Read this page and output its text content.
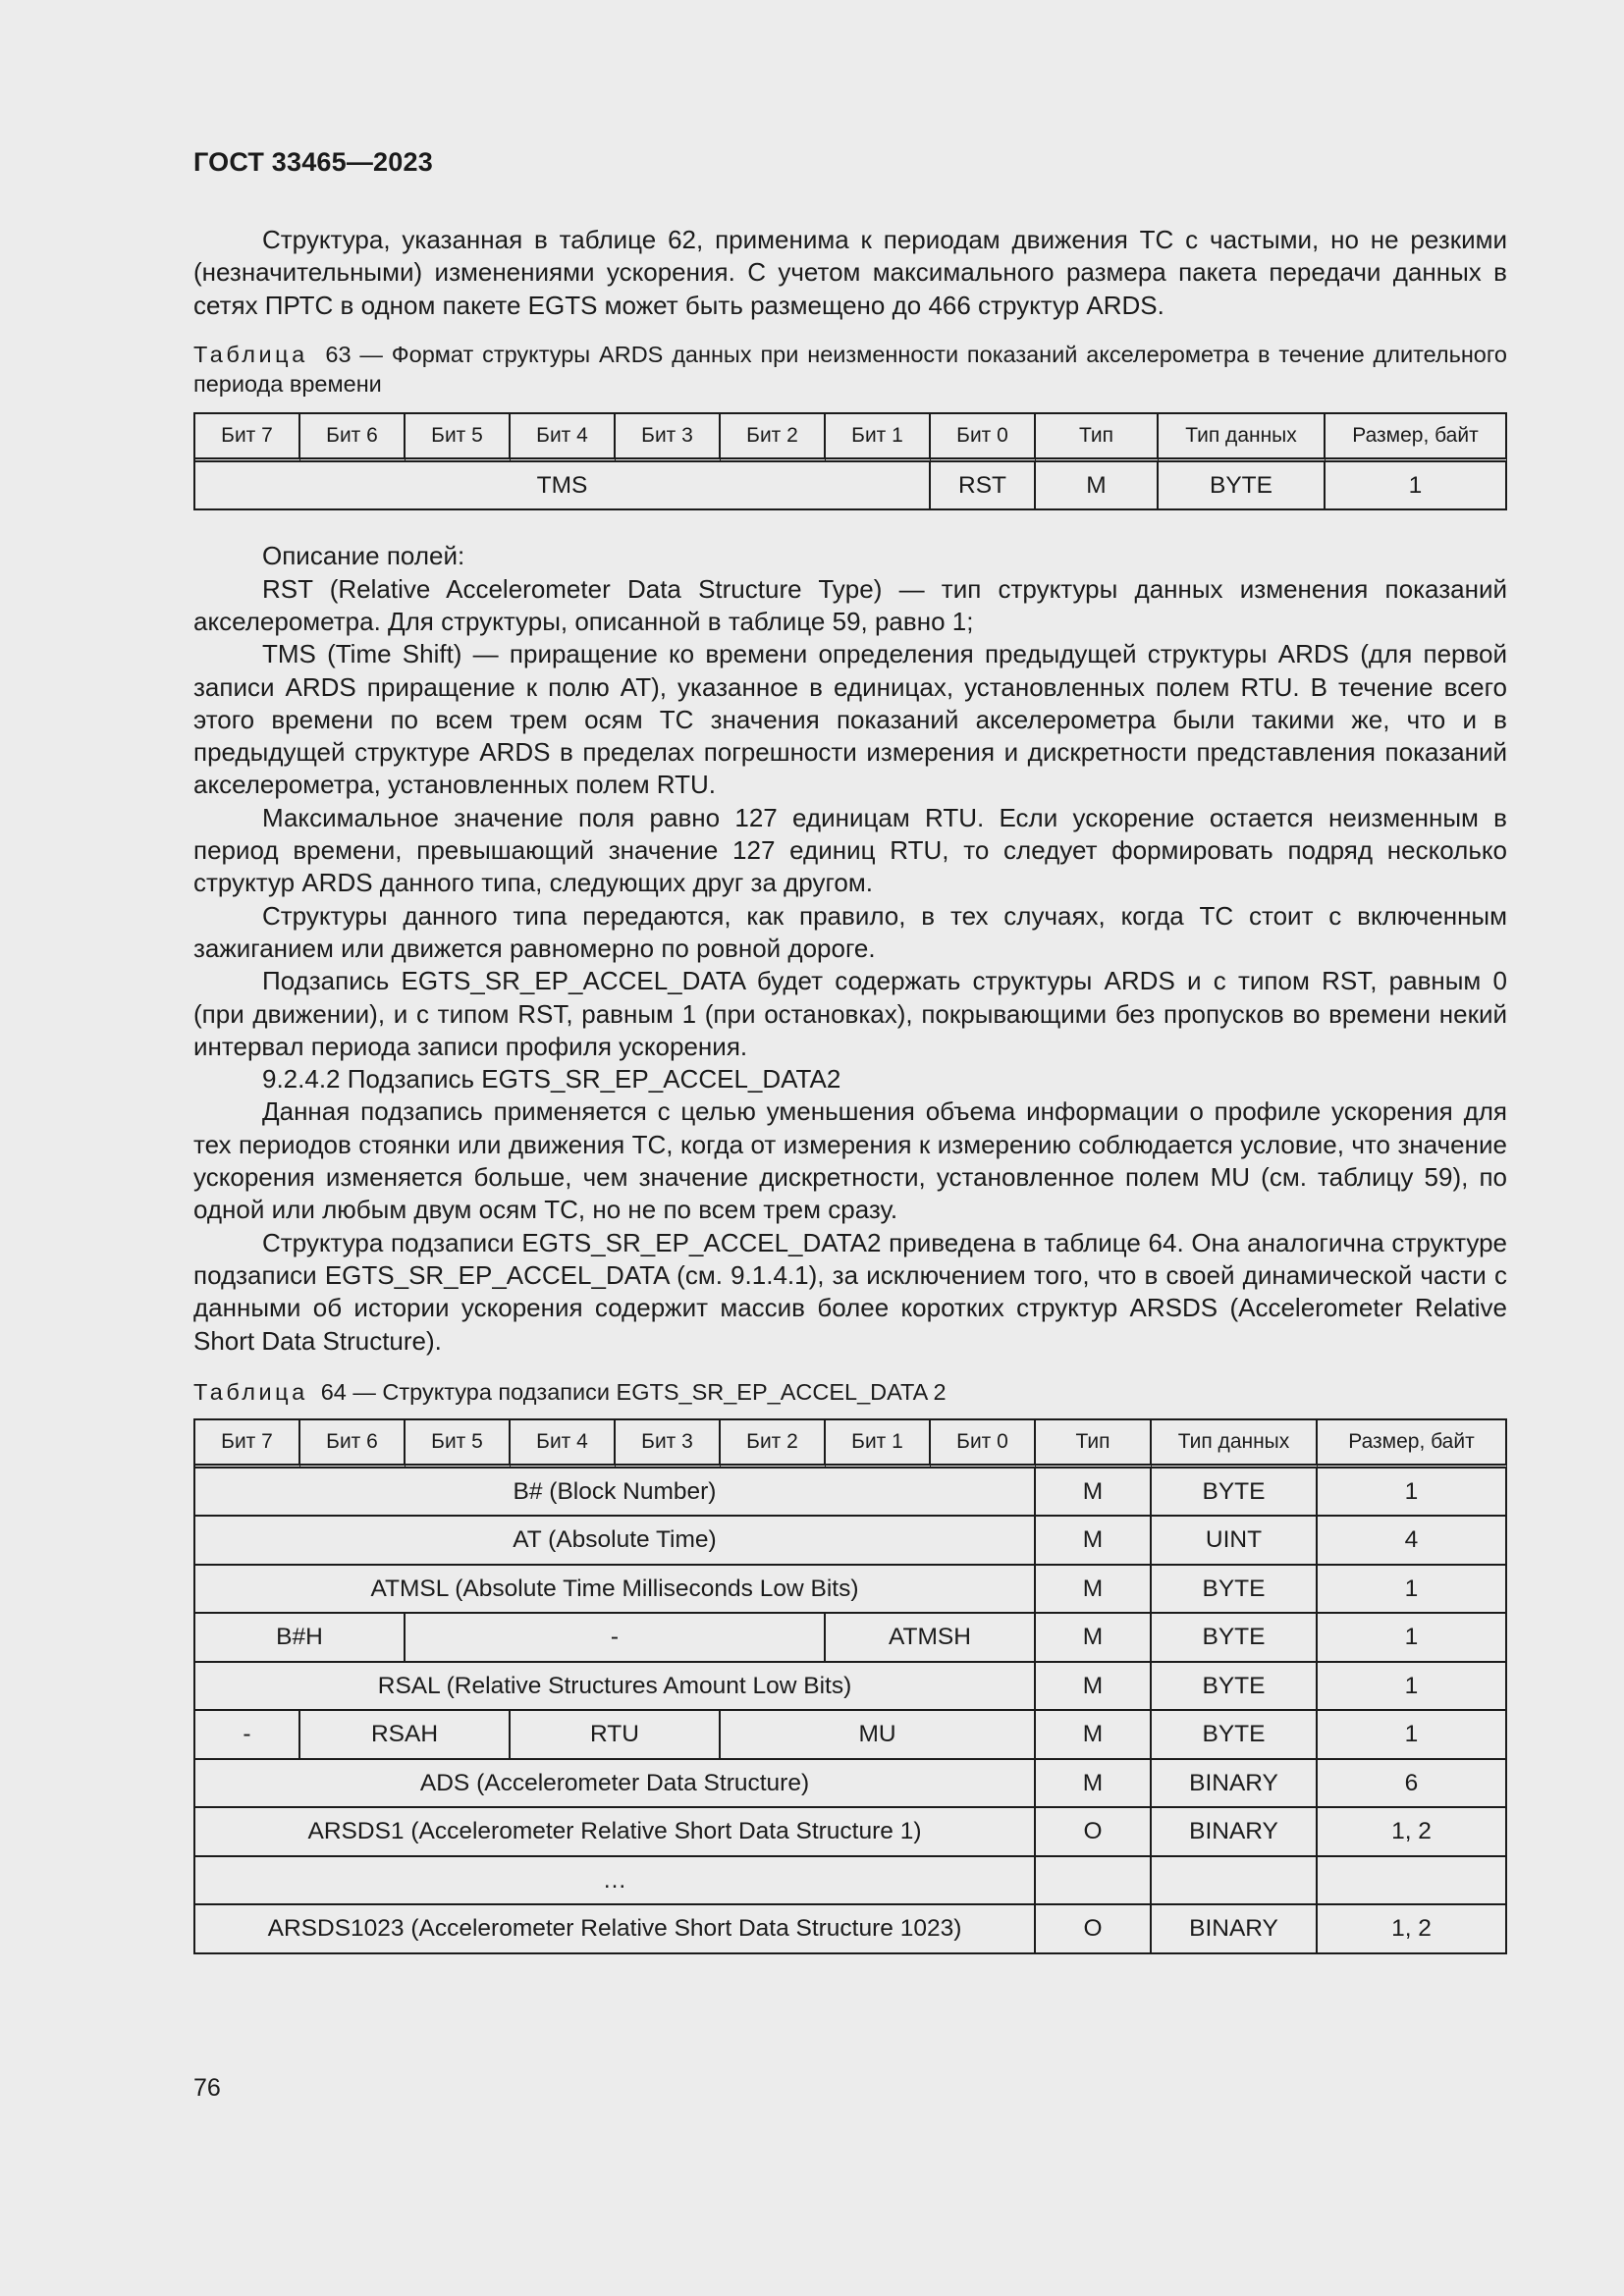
ГОСТ 33465—2023

Структура, указанная в таблице 62, применима к периодам движения ТС с частыми, но не резкими (незначительными) изменениями ускорения. С учетом максимального размера пакета передачи данных в сетях ПРТС в одном пакете EGTS может быть размещено до 466 структур ARDS.

Таблица 63 — Формат структуры ARDS данных при неизменности показаний акселерометра в течение длительного периода времени
Бит 7	Бит 6	Бит 5	Бит 4	Бит 3	Бит 2	Бит 1	Бит 0	Тип	Тип данных	Размер, байт
TMS							RST	M	BYTE	1

Описание полей:

RST (Relative Accelerometer Data Structure Type) — тип структуры данных изменения показаний акселерометра. Для структуры, описанной в таблице 59, равно 1;

TMS (Time Shift) — приращение ко времени определения предыдущей структуры ARDS (для первой записи ARDS приращение к полю AT), указанное в единицах, установленных полем RTU. В течение всего этого времени по всем трем осям ТС значения показаний акселерометра были такими же, что и в предыдущей структуре ARDS в пределах погрешности измерения и дискретности представления показаний акселерометра, установленных полем RTU.

Максимальное значение поля равно 127 единицам RTU. Если ускорение остается неизменным в период времени, превышающий значение 127 единиц RTU, то следует формировать подряд несколько структур ARDS данного типа, следующих друг за другом.

Структуры данного типа передаются, как правило, в тех случаях, когда ТС стоит с включенным зажиганием или движется равномерно по ровной дороге.

Подзапись EGTS_SR_EP_ACCEL_DATA будет содержать структуры ARDS и с типом RST, равным 0 (при движении), и с типом RST, равным 1 (при остановках), покрывающими без пропусков во времени некий интервал периода записи профиля ускорения.

9.2.4.2 Подзапись EGTS_SR_EP_ACCEL_DATA2

Данная подзапись применяется с целью уменьшения объема информации о профиле ускорения для тех периодов стоянки или движения ТС, когда от измерения к измерению соблюдается условие, что значение ускорения изменяется больше, чем значение дискретности, установленное полем MU (см. таблицу 59), по одной или любым двум осям ТС, но не по всем трем сразу.

Структура подзаписи EGTS_SR_EP_ACCEL_DATA2 приведена в таблице 64. Она аналогична структуре подзаписи EGTS_SR_EP_ACCEL_DATA (см. 9.1.4.1), за исключением того, что в своей динамической части с данными об истории ускорения содержит массив более коротких структур ARSDS (Accelerometer Relative Short Data Structure).

Таблица 64 — Структура подзаписи EGTS_SR_EP_ACCEL_DATA 2
Бит 7	Бит 6	Бит 5	Бит 4	Бит 3	Бит 2	Бит 1	Бит 0	Тип	Тип данных	Размер, байт
B# (Block Number)								M	BYTE	1
AT (Absolute Time)								M	UINT	4
ATMSL (Absolute Time Milliseconds Low Bits)								M	BYTE	1
B#H		-				ATMSH		M	BYTE	1
RSAL (Relative Structures Amount Low Bits)								M	BYTE	1
-	RSAH		RTU		MU			M	BYTE	1
ADS (Accelerometer Data Structure)								M	BINARY	6
ARSDS1 (Accelerometer Relative Short Data Structure 1)								O	BINARY	1, 2
…										
ARSDS1023 (Accelerometer Relative Short Data Structure 1023)								O	BINARY	1, 2
76
